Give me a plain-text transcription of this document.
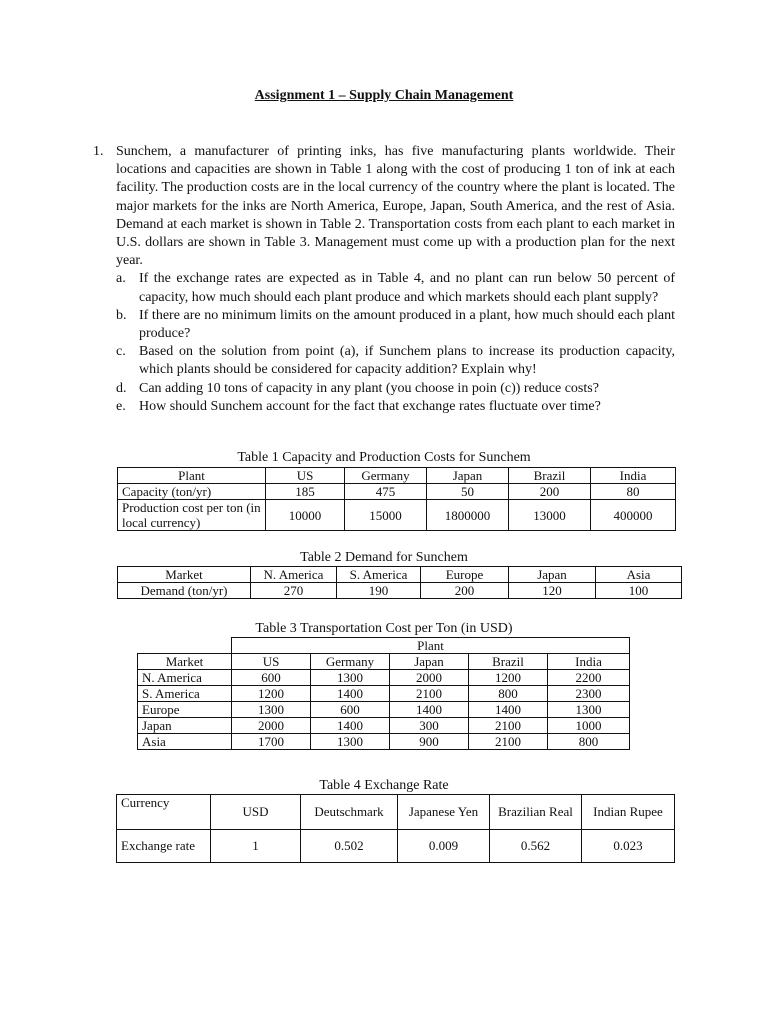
Assignment 1 – Supply Chain Management
1. Sunchem, a manufacturer of printing inks, has five manufacturing plants worldwide. Their locations and capacities are shown in Table 1 along with the cost of producing 1 ton of ink at each facility. The production costs are in the local currency of the country where the plant is located. The major markets for the inks are North America, Europe, Japan, South America, and the rest of Asia. Demand at each market is shown in Table 2. Transportation costs from each plant to each market in U.S. dollars are shown in Table 3. Management must come up with a production plan for the next year.
a. If the exchange rates are expected as in Table 4, and no plant can run below 50 percent of capacity, how much should each plant produce and which markets should each plant supply?
b. If there are no minimum limits on the amount produced in a plant, how much should each plant produce?
c. Based on the solution from point (a), if Sunchem plans to increase its production capacity, which plants should be considered for capacity addition? Explain why!
d. Can adding 10 tons of capacity in any plant (you choose in poin (c)) reduce costs?
e. How should Sunchem account for the fact that exchange rates fluctuate over time?
Table 1 Capacity and Production Costs for Sunchem
Plant	US	Germany	Japan	Brazil	India
Capacity (ton/yr)	185	475	50	200	80
Production cost per ton (in local currency)	10000	15000	1800000	13000	400000
Table 2 Demand for Sunchem
Market	N. America	S. America	Europe	Japan	Asia
Demand (ton/yr)	270	190	200	120	100
Table 3 Transportation Cost per Ton (in USD)
	Plant				
Market	US	Germany	Japan	Brazil	India
N. America	600	1300	2000	1200	2200
S. America	1200	1400	2100	800	2300
Europe	1300	600	1400	1400	1300
Japan	2000	1400	300	2100	1000
Asia	1700	1300	900	2100	800
Table 4 Exchange Rate
Currency	USD	Deutschmark	Japanese Yen	Brazilian Real	Indian Rupee
Exchange rate	1	0.502	0.009	0.562	0.023
